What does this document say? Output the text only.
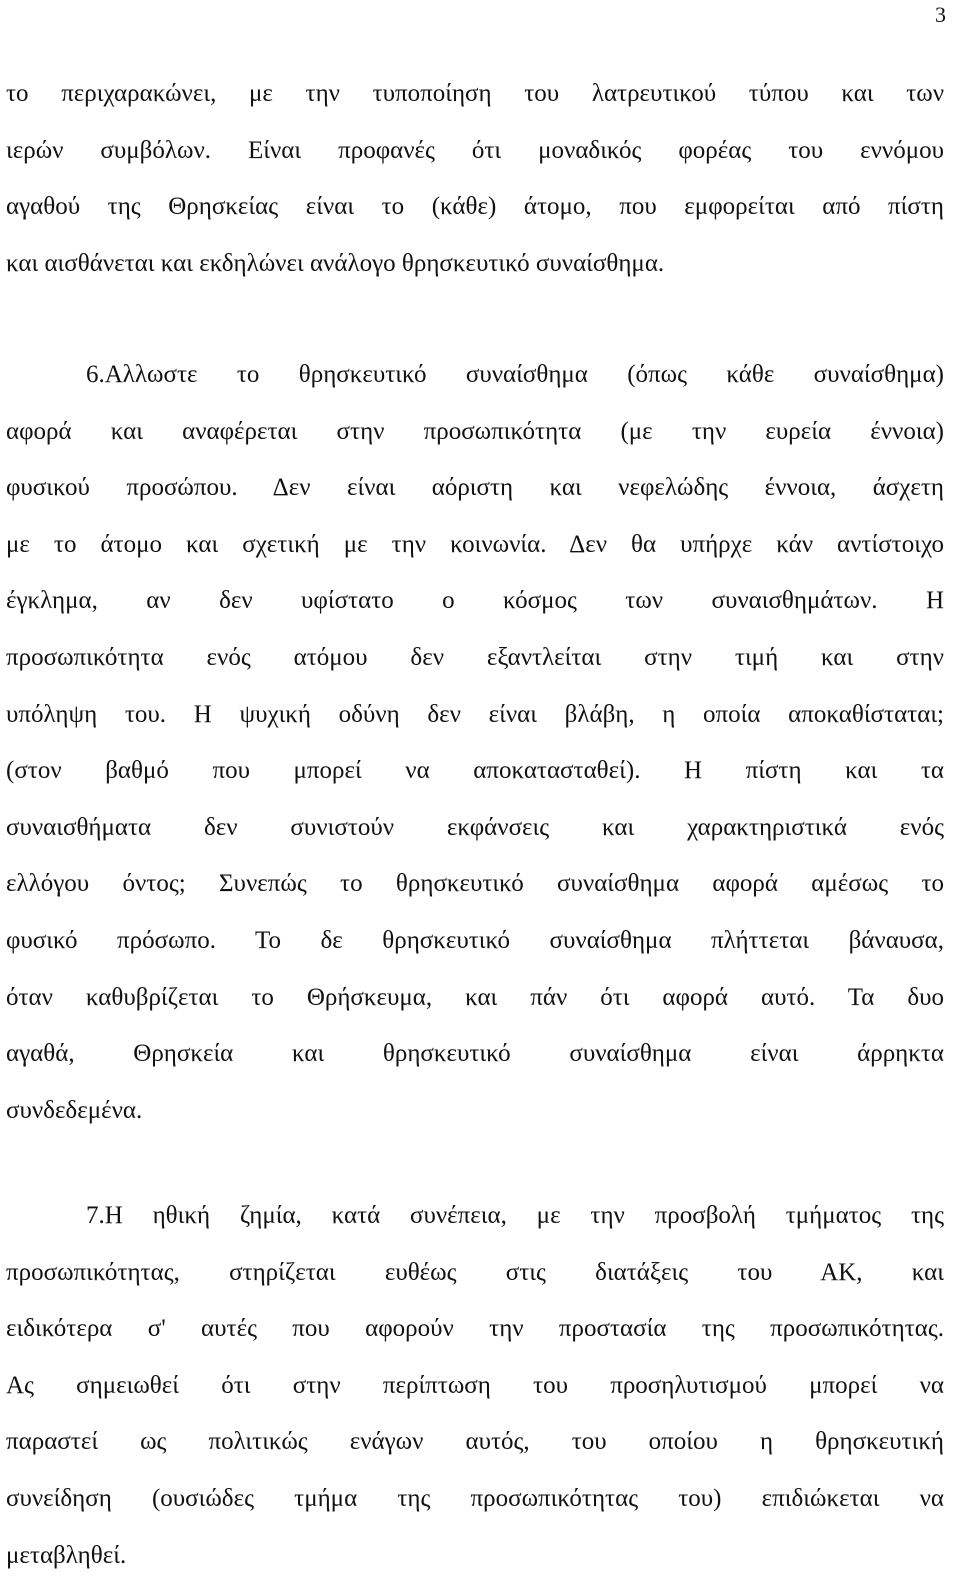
3
το περιχαρακώνει, με την τυποποίηση του λατρευτικού τύπου και των
ιερών συμβόλων. Είναι προφανές ότι μοναδικός φορέας του εννόμου
αγαθού της Θρησκείας είναι το (κάθε) άτομο, που εμφορείται από πίστη
και αισθάνεται και εκδηλώνει ανάλογο θρησκευτικό συναίσθημα.
6.Αλλωστε το θρησκευτικό συναίσθημα (όπως κάθε συναίσθημα)
αφορά και αναφέρεται στην προσωπικότητα (με την ευρεία έννοια)
φυσικού προσώπου. Δεν είναι αόριστη και νεφελώδης έννοια, άσχετη
με το άτομο και σχετική με την κοινωνία. Δεν θα υπήρχε κάν αντίστοιχο
έγκλημα, αν δεν υφίστατο ο κόσμος των συναισθημάτων. Η
προσωπικότητα ενός ατόμου δεν εξαντλείται στην τιμή και στην
υπόληψη του. Η ψυχική οδύνη δεν είναι βλάβη, η οποία αποκαθίσταται;
(στον βαθμό που μπορεί να αποκατασταθεί). Η πίστη και τα
συναισθήματα δεν συνιστούν εκφάνσεις και χαρακτηριστικά ενός
ελλόγου όντος; Συνεπώς το θρησκευτικό συναίσθημα αφορά αμέσως το
φυσικό πρόσωπο. Το δε θρησκευτικό συναίσθημα πλήττεται βάναυσα,
όταν καθυβρίζεται το Θρήσκευμα, και πάν ότι αφορά αυτό. Τα δυο
αγαθά, Θρησκεία και θρησκευτικό συναίσθημα είναι άρρηκτα
συνδεδεμένα.
7.Η ηθική ζημία, κατά συνέπεια, με την προσβολή τμήματος της
προσωπικότητας, στηρίζεται ευθέως στις διατάξεις του ΑΚ, και
ειδικότερα σ' αυτές που αφορούν την προστασία της προσωπικότητας.
Ας σημειωθεί ότι στην περίπτωση του προσηλυτισμού μπορεί να
παραστεί ως πολιτικώς ενάγων αυτός, του οποίου η θρησκευτική
συνείδηση (ουσιώδες τμήμα της προσωπικότητας του) επιδιώκεται να
μεταβληθεί.
